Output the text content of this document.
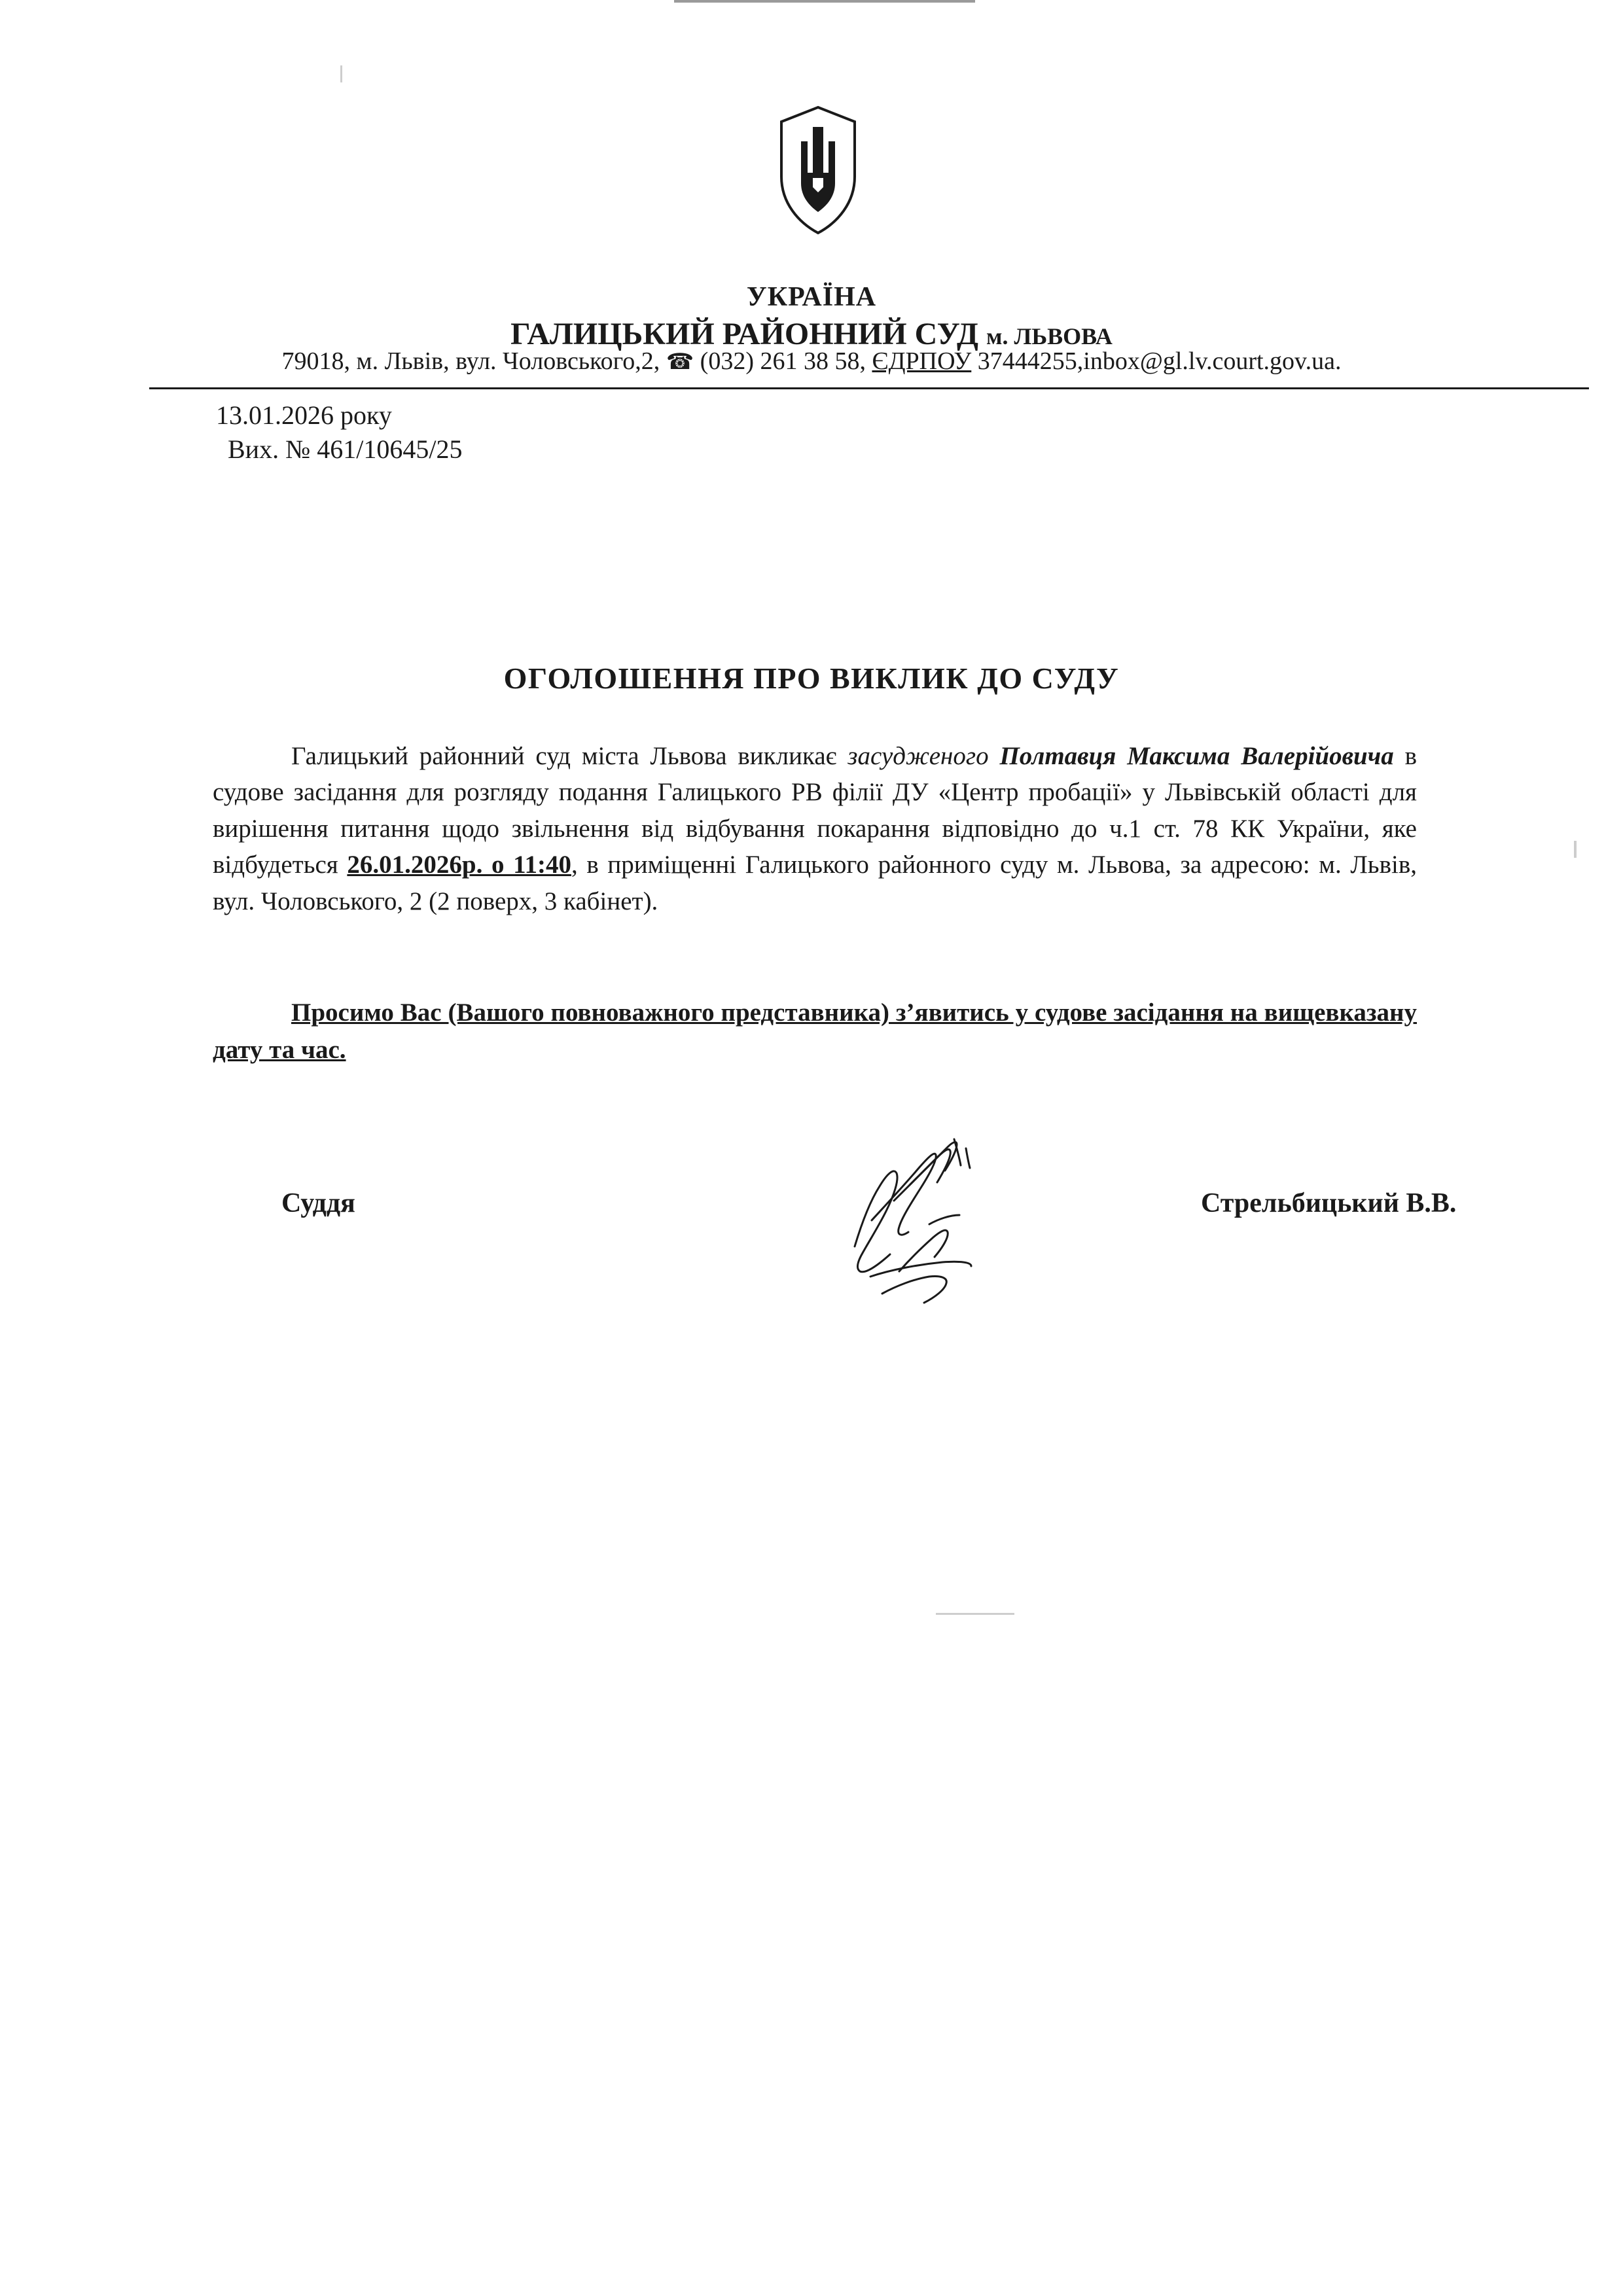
УКРАЇНА
ГАЛИЦЬКИЙ РАЙОННИЙ СУД м. ЛЬВОВА
79018, м. Львів, вул. Чоловського,2, ☎ (032) 261 38 58, ЄДРПОУ 37444255,inbox@gl.lv.court.gov.ua.
13.01.2026 року
Вих. № 461/10645/25
ОГОЛОШЕННЯ ПРО ВИКЛИК ДО СУДУ

Галицький районний суд міста Львова викликає засудженого Полтавця Максима Валерійовича в судове засідання для розгляду подання Галицького РВ філії ДУ «Центр пробації» у Львівській області для вирішення питання щодо звільнення від відбування покарання відповідно до ч.1 ст. 78 КК України, яке відбудеться 26.01.2026р. о 11:40, в приміщенні Галицького районного суду м. Львова, за адресою: м. Львів, вул. Чоловського, 2 (2 поверх, 3 кабінет).

Просимо Вас (Вашого повноважного представника) з’явитись у судове засідання на вищевказану дату та час.

Суддя	Стрельбицький В.В.
